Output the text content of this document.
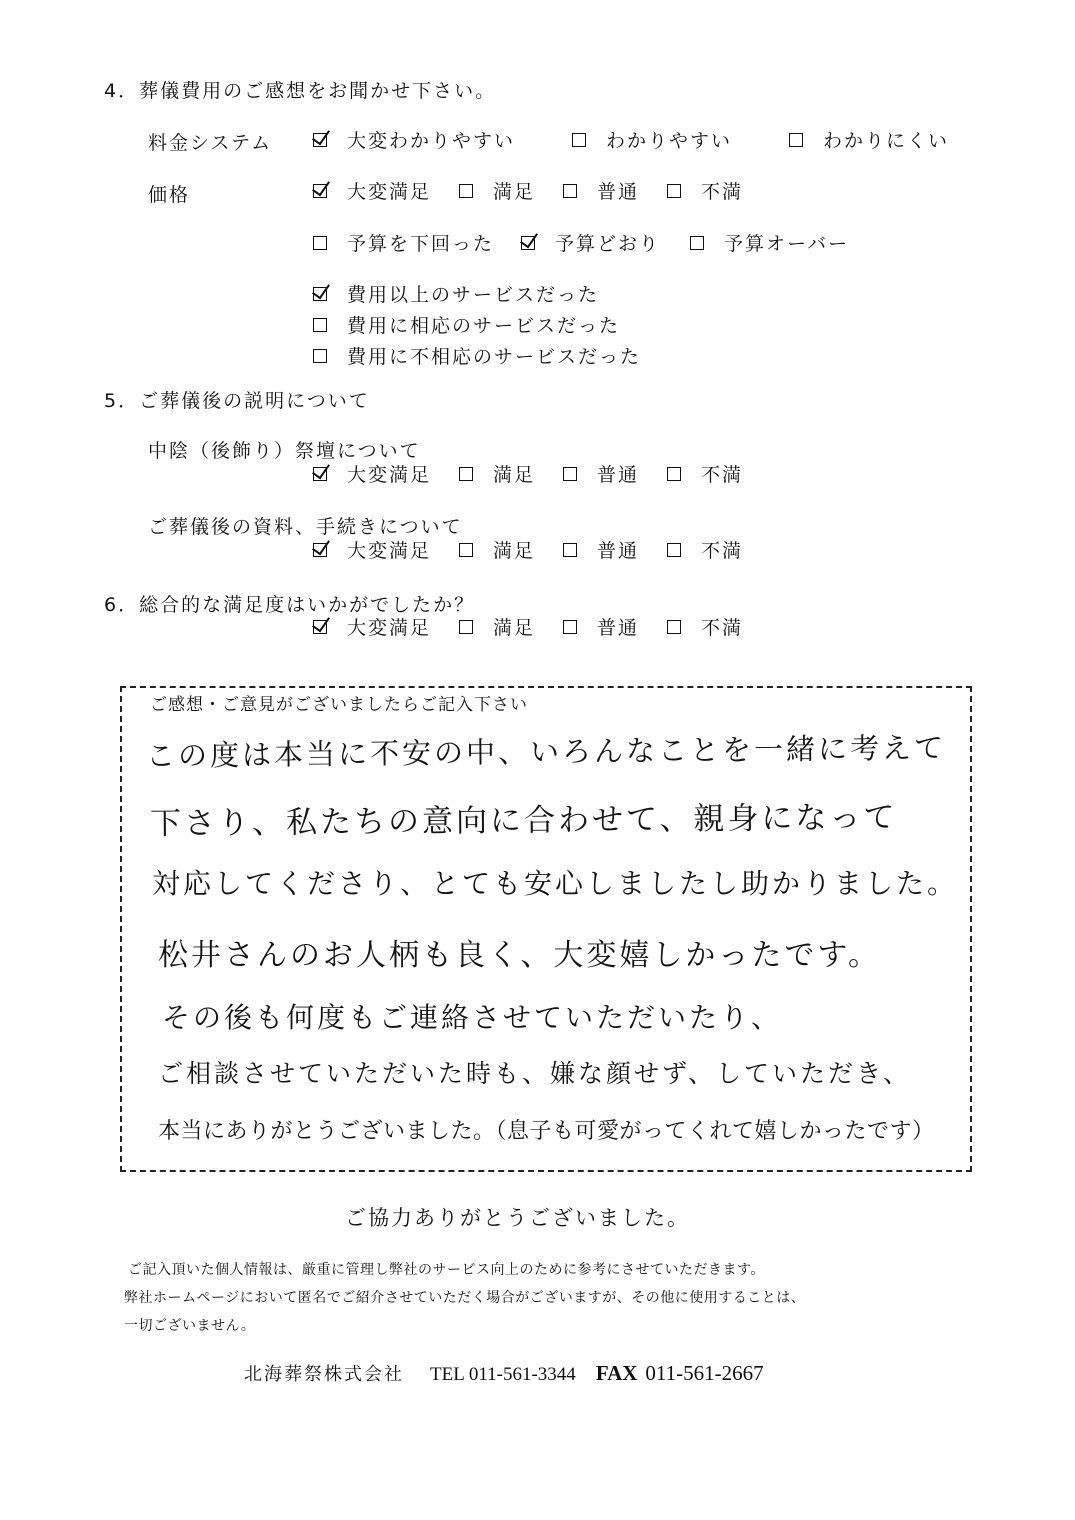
4．葬儀費用のご感想をお聞かせ下さい。
料金システム	大変わかりやすい	わかりやすい	わかりにくい
価格	大変満足	満足	普通	不満
予算を下回った	予算どおり	予算オーバー
費用以上のサービスだった
費用に相応のサービスだった
費用に不相応のサービスだった
5．ご葬儀後の説明について
中陰（後飾り）祭壇について
大変満足	満足	普通	不満
ご葬儀後の資料、手続きについて
大変満足	満足	普通	不満
6．総合的な満足度はいかがでしたか？
大変満足	満足	普通	不満
ご感想・ご意見がございましたらご記入下さい
この度は本当に不安の中、いろんなことを一緒に考えて
下さり、私たちの意向に合わせて、親身になって
対応してくださり、とても安心しましたし助かりました。
松井さんのお人柄も良く、大変嬉しかったです。
その後も何度もご連絡させていただいたり、
ご相談させていただいた時も、嫌な顔せず、していただき、
本当にありがとうございました。（息子も可愛がってくれて嬉しかったです）
ご協力ありがとうございました。
ご記入頂いた個人情報は、厳重に管理し弊社のサービス向上のために参考にさせていただきます。
弊社ホームページにおいて匿名でご紹介させていただく場合がございますが、その他に使用することは、
一切ございません。
北海葬祭株式会社 TEL 011-561-3344 FAX 011-561-2667
